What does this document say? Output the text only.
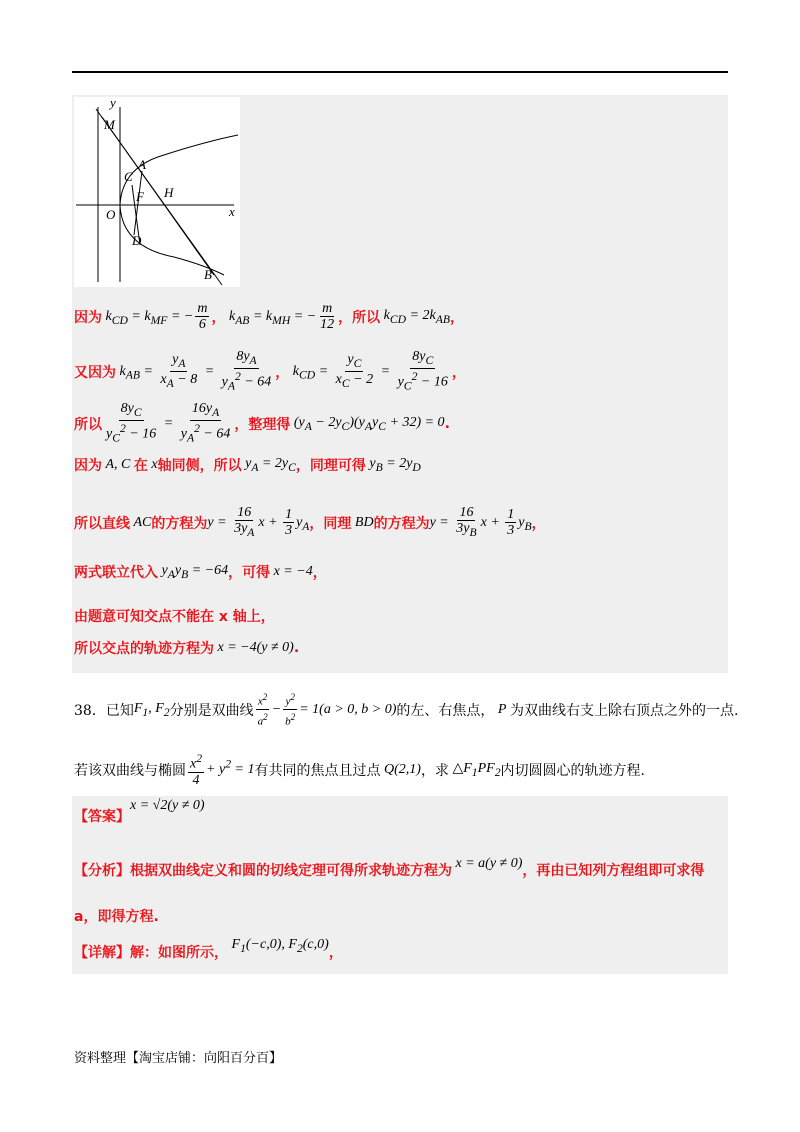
y
x
M
A
C
F H
O
D
B
因为 $k_{CD} = k_{MF}$ = − $\frac{m}{6}$ ， $k_{AB} = k_{MH}$ = − $\frac{m}{12}$ ，所以 $k_{CD} = 2k_{AB}$ ，
又因为 $k_{AB} = \frac{y_A}{x_A - 8} = \frac{8y_A}{y_A^2 - 64}$ ， $k_{CD} = \frac{y_C}{x_C - 2} = \frac{8y_C}{y_C^2 - 16}$ ，
所以 $\frac{8y_C}{y_C^2 - 16} = \frac{16y_A}{y_A^2 - 64}$ ，整理得 $(y_A - 2y_C)(y_Ay_C + 32) = 0$ .
因为 A, C 在 x 轴同侧，所以 $y_A = 2y_C$ ，同理可得 $y_B = 2y_D$
所以直线 AC 的方程为 $y = \frac{16}{3y_A}$ $x + \frac{1}{3} y_A$ ，同理 BD 的方程为 $y = \frac{16}{3y_B}$ $x + \frac{1}{3} y_B$ ，
两式联立代入 $y_Ay_B = -64$ ，可得 x = −4 ，
由题意可知交点不能在 x 轴上，
所以交点的轨迹方程为 x = −4(y ≠ 0) .
38． 已知 $F_1$, $F_2$ 分别是双曲线 $\frac{x^2}{a^2} - \frac{y^2}{b^2} = 1(a > 0$, b > 0) 的左、右焦点， P 为双曲线右支上除右顶点之外的一点.
若该双曲线与椭圆 $\frac{x^2}{4} + y^2 = 1$ 有共同的焦点且过点 Q(2,1) ，求 $\triangle F_1PF_2$ 内切圆圆心的轨迹方程.
【答案】
x = √2(y ≠ 0)
【分析】 根据双曲线定义和圆的切线定理可得所求轨迹方程为 x = a(y ≠ 0) ，再由已知列方程组即可求得
a，即得方程.
【详解】 解：如图所示，
$F_1(-c,0)$, $F_2(c,0)$
，
资料整理【淘宝店铺：向阳百分百】
